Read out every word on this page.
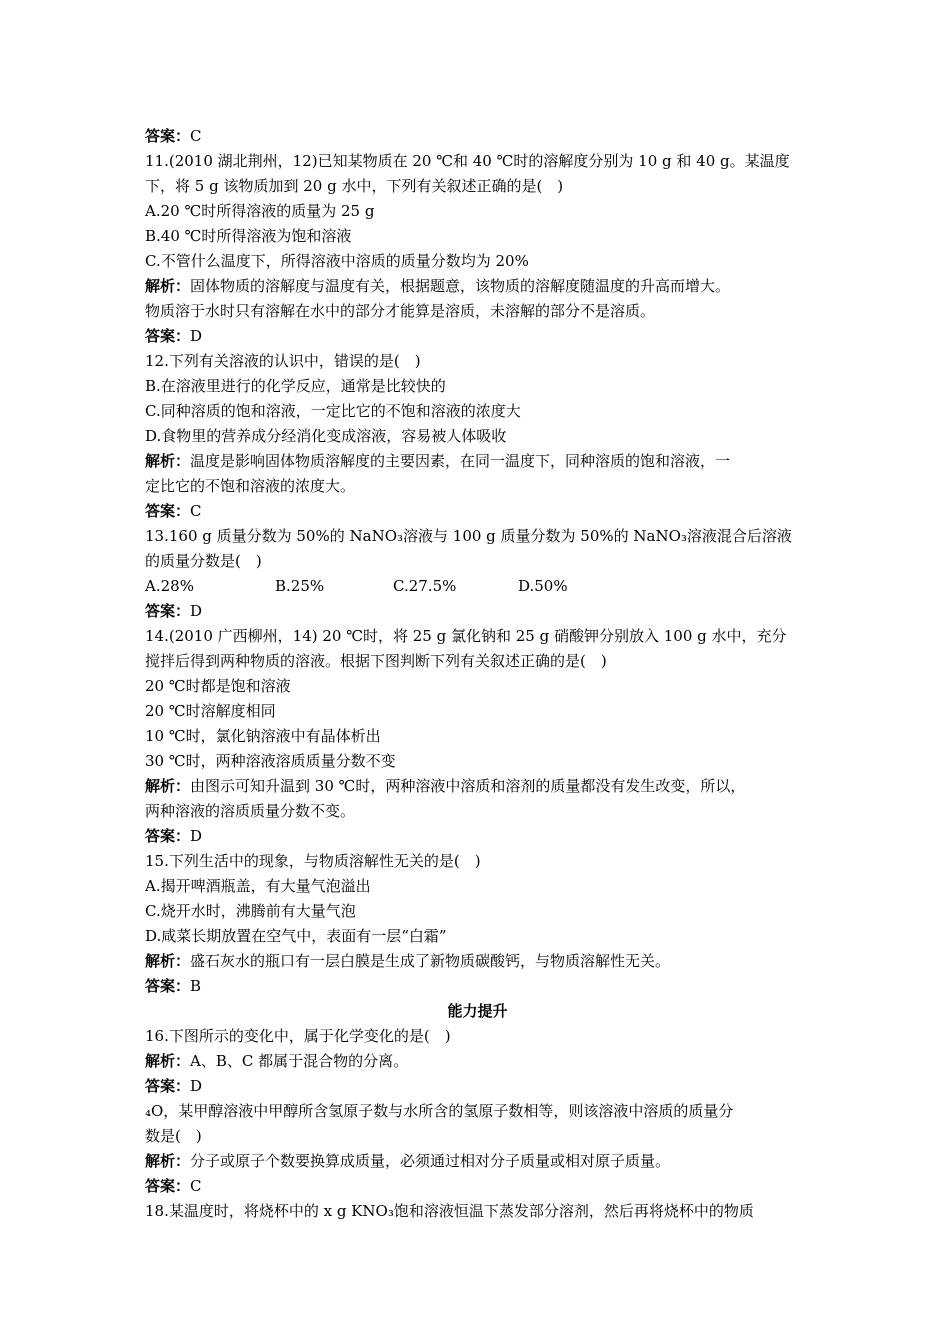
答案：C
11.(2010 湖北荆州，12)已知某物质在 20 ℃和 40 ℃时的溶解度分别为 10 g 和 40 g。某温度
下，将 5 g 该物质加到 20 g 水中，下列有关叙述正确的是(　)
A.20 ℃时所得溶液的质量为 25 g
B.40 ℃时所得溶液为饱和溶液
C.不管什么温度下，所得溶液中溶质的质量分数均为 20%
解析：固体物质的溶解度与温度有关，根据题意，该物质的溶解度随温度的升高而增大。
物质溶于水时只有溶解在水中的部分才能算是溶质，未溶解的部分不是溶质。
答案：D
12.下列有关溶液的认识中，错误的是(　)
B.在溶液里进行的化学反应，通常是比较快的
C.同种溶质的饱和溶液，一定比它的不饱和溶液的浓度大
D.食物里的营养成分经消化变成溶液，容易被人体吸收
解析：温度是影响固体物质溶解度的主要因素，在同一温度下，同种溶质的饱和溶液，一
定比它的不饱和溶液的浓度大。
答案：C
13.160 g 质量分数为 50%的 NaNO₃溶液与 100 g 质量分数为 50%的 NaNO₃溶液混合后溶液
的质量分数是(　)
A.28%	B.25%	C.27.5%	D.50%
答案：D
14.(2010 广西柳州，14) 20 ℃时，将 25 g 氯化钠和 25 g 硝酸钾分别放入 100 g 水中，充分
搅拌后得到两种物质的溶液。根据下图判断下列有关叙述正确的是(　)
20 ℃时都是饱和溶液
20 ℃时溶解度相同
10 ℃时，氯化钠溶液中有晶体析出
30 ℃时，两种溶液溶质质量分数不变
解析：由图示可知升温到 30 ℃时，两种溶液中溶质和溶剂的质量都没有发生改变，所以，
两种溶液的溶质质量分数不变。
答案：D
15.下列生活中的现象，与物质溶解性无关的是(　)
A.揭开啤酒瓶盖，有大量气泡溢出
C.烧开水时，沸腾前有大量气泡
D.咸菜长期放置在空气中，表面有一层“白霜”
解析：盛石灰水的瓶口有一层白膜是生成了新物质碳酸钙，与物质溶解性无关。
答案：B
能力提升
16.下图所示的变化中，属于化学变化的是(　)
解析：A、B、C 都属于混合物的分离。
答案：D
₄O，某甲醇溶液中甲醇所含氢原子数与水所含的氢原子数相等，则该溶液中溶质的质量分
数是(　)
解析：分子或原子个数要换算成质量，必须通过相对分子质量或相对原子质量。
答案：C
18.某温度时，将烧杯中的 x g KNO₃饱和溶液恒温下蒸发部分溶剂，然后再将烧杯中的物质
